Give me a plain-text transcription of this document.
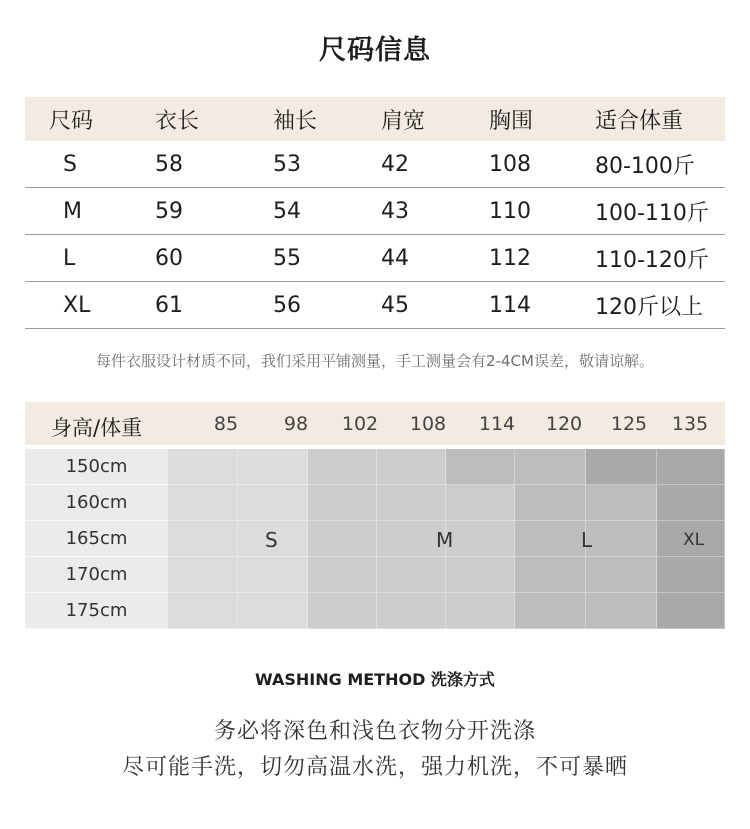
尺码信息
尺码	衣长	袖长	肩宽	胸围	适合体重
S	58	53	42	108	80-100斤
M	59	54	43	110	100-110斤
L	60	55	44	112	110-120斤
XL	61	56	45	114	120斤以上
每件衣服设计材质不同，我们采用平铺测量，手工测量会有2-4CM误差，敬请谅解。
身高/体重	85	98	102	108	114	120	125	135
150cm
160cm
165cm
170cm
175cm
S	M	L	XL
WASHING METHOD 洗涤方式
务必将深色和浅色衣物分开洗涤
尽可能手洗，切勿高温水洗，强力机洗，不可暴晒
